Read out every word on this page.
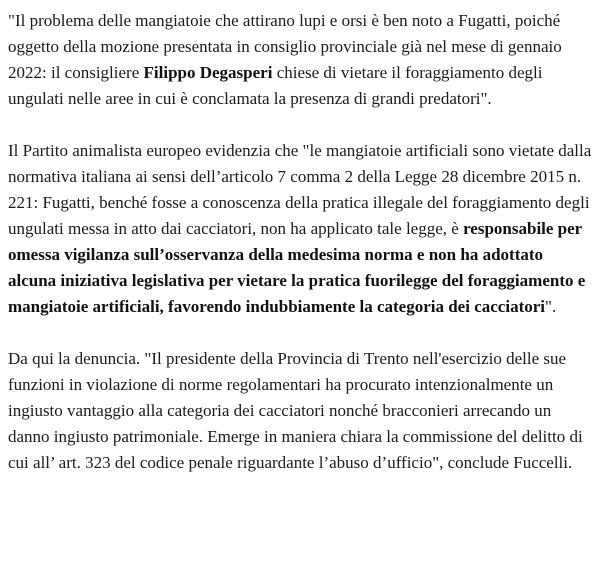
"Il problema delle mangiatoie che attirano lupi e orsi è ben noto a Fugatti, poiché oggetto della mozione presentata in consiglio provinciale già nel mese di gennaio 2022: il consigliere Filippo Degasperi chiese di vietare il foraggiamento degli ungulati nelle aree in cui è conclamata la presenza di grandi predatori".

Il Partito animalista europeo evidenzia che "le mangiatoie artificiali sono vietate dalla normativa italiana ai sensi dell’articolo 7 comma 2 della Legge 28 dicembre 2015 n. 221: Fugatti, benché fosse a conoscenza della pratica illegale del foraggiamento degli ungulati messa in atto dai cacciatori, non ha applicato tale legge, è responsabile per omessa vigilanza sull’osservanza della medesima norma e non ha adottato alcuna iniziativa legislativa per vietare la pratica fuorilegge del foraggiamento e mangiatoie artificiali, favorendo indubbiamente la categoria dei cacciatori".

Da qui la denuncia. "Il presidente della Provincia di Trento nell'esercizio delle sue funzioni in violazione di norme regolamentari ha procurato intenzionalmente un ingiusto vantaggio alla categoria dei cacciatori nonché bracconieri arrecando un danno ingiusto patrimoniale. Emerge in maniera chiara la commissione del delitto di cui all’ art. 323 del codice penale riguardante l’abuso d’ufficio", conclude Fuccelli.
